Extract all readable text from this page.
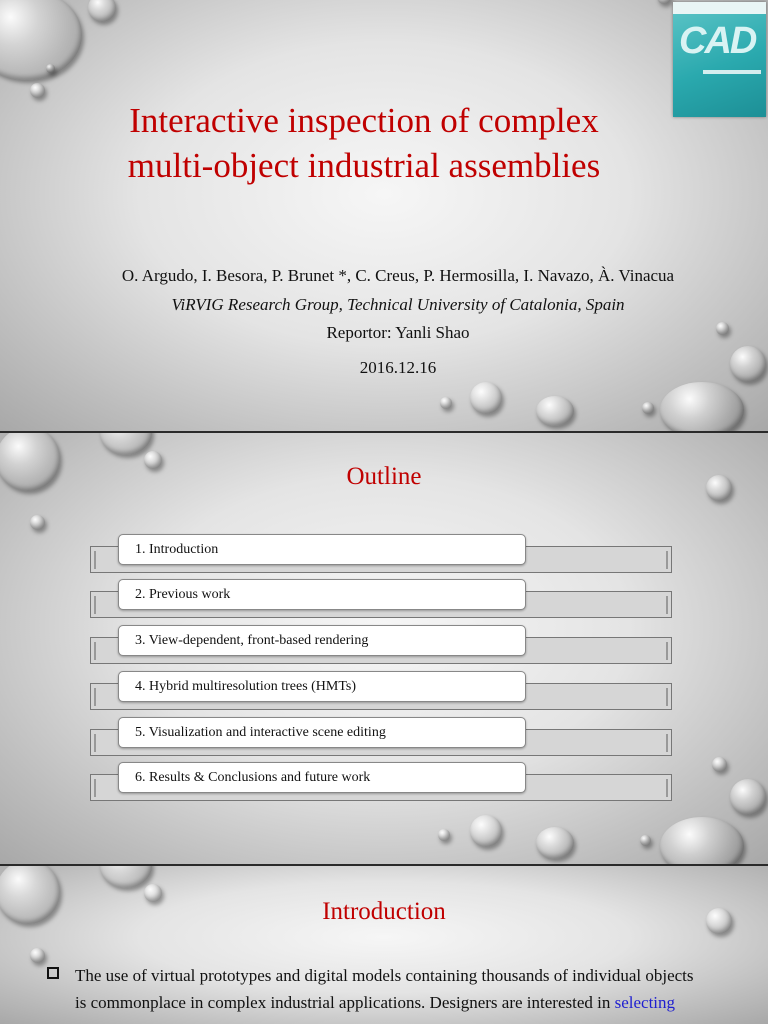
CAD
Interactive inspection of complex
multi-object industrial assemblies
O. Argudo, I. Besora, P. Brunet *, C. Creus, P. Hermosilla, I. Navazo, À. Vinacua
ViRVIG Research Group, Technical University of Catalonia, Spain
Reportor: Yanli Shao
2016.12.16
Outline
1. Introduction
2. Previous work
3. View-dependent, front-based rendering
4. Hybrid multiresolution trees (HMTs)
5. Visualization and interactive scene editing
6. Results & Conclusions and future work
Introduction
The use of virtual prototypes and digital models containing thousands of individual objects
is commonplace in complex industrial applications. Designers are interested in selecting
